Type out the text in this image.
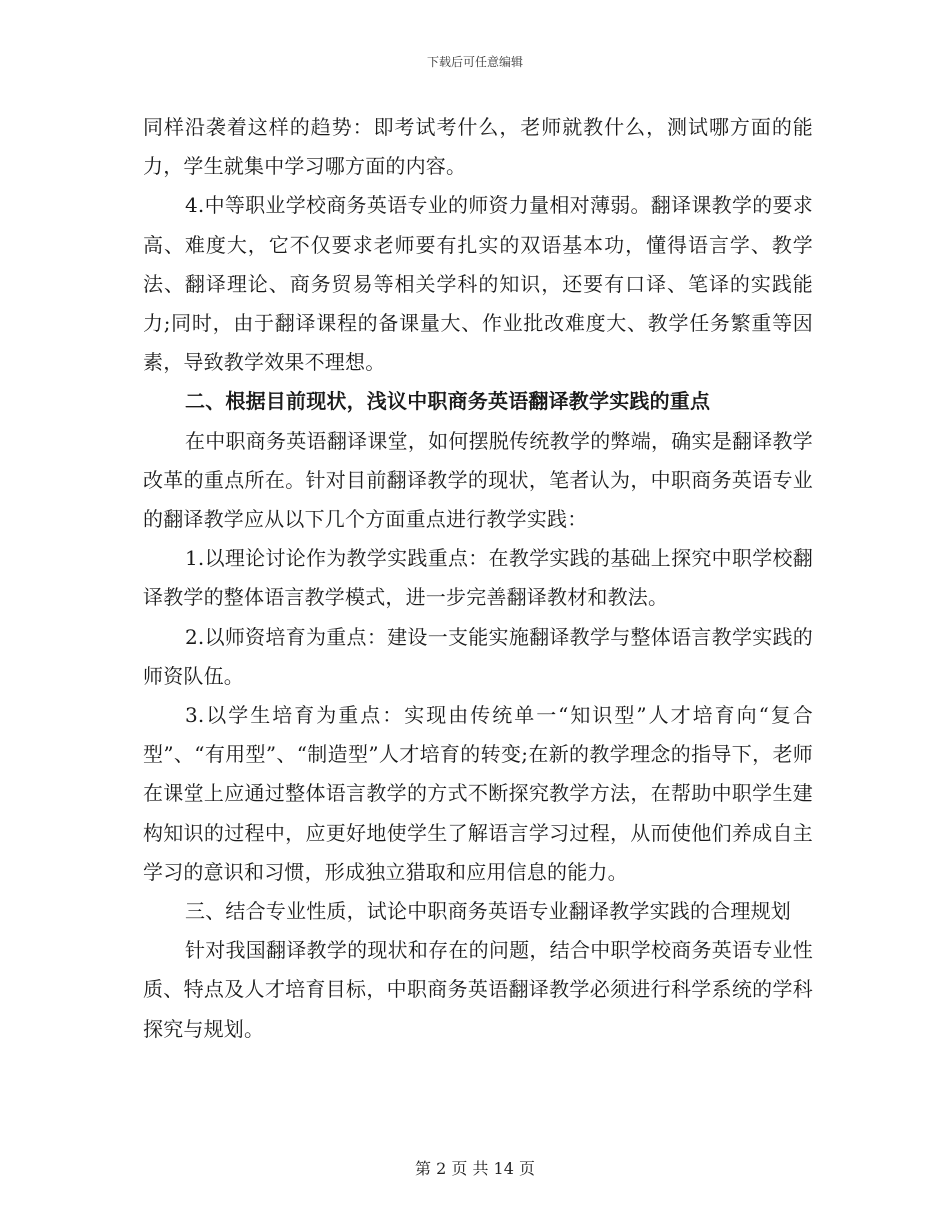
下载后可任意编辑

同样沿袭着这样的趋势：即考试考什么，老师就教什么，测试哪方面的能力，学生就集中学习哪方面的内容。

4.中等职业学校商务英语专业的师资力量相对薄弱。翻译课教学的要求高、难度大，它不仅要求老师要有扎实的双语基本功，懂得语言学、教学法、翻译理论、商务贸易等相关学科的知识，还要有口译、笔译的实践能力;同时，由于翻译课程的备课量大、作业批改难度大、教学任务繁重等因素，导致教学效果不理想。

二、根据目前现状，浅议中职商务英语翻译教学实践的重点

在中职商务英语翻译课堂，如何摆脱传统教学的弊端，确实是翻译教学改革的重点所在。针对目前翻译教学的现状，笔者认为，中职商务英语专业的翻译教学应从以下几个方面重点进行教学实践：

1.以理论讨论作为教学实践重点：在教学实践的基础上探究中职学校翻译教学的整体语言教学模式，进一步完善翻译教材和教法。

2.以师资培育为重点：建设一支能实施翻译教学与整体语言教学实践的师资队伍。

3.以学生培育为重点：实现由传统单一“知识型”人才培育向“复合型”、“有用型”、“制造型”人才培育的转变;在新的教学理念的指导下，老师在课堂上应通过整体语言教学的方式不断探究教学方法，在帮助中职学生建构知识的过程中，应更好地使学生了解语言学习过程，从而使他们养成自主学习的意识和习惯，形成独立猎取和应用信息的能力。

三、结合专业性质，试论中职商务英语专业翻译教学实践的合理规划

针对我国翻译教学的现状和存在的问题，结合中职学校商务英语专业性质、特点及人才培育目标，中职商务英语翻译教学必须进行科学系统的学科探究与规划。

第 2 页 共 14 页
